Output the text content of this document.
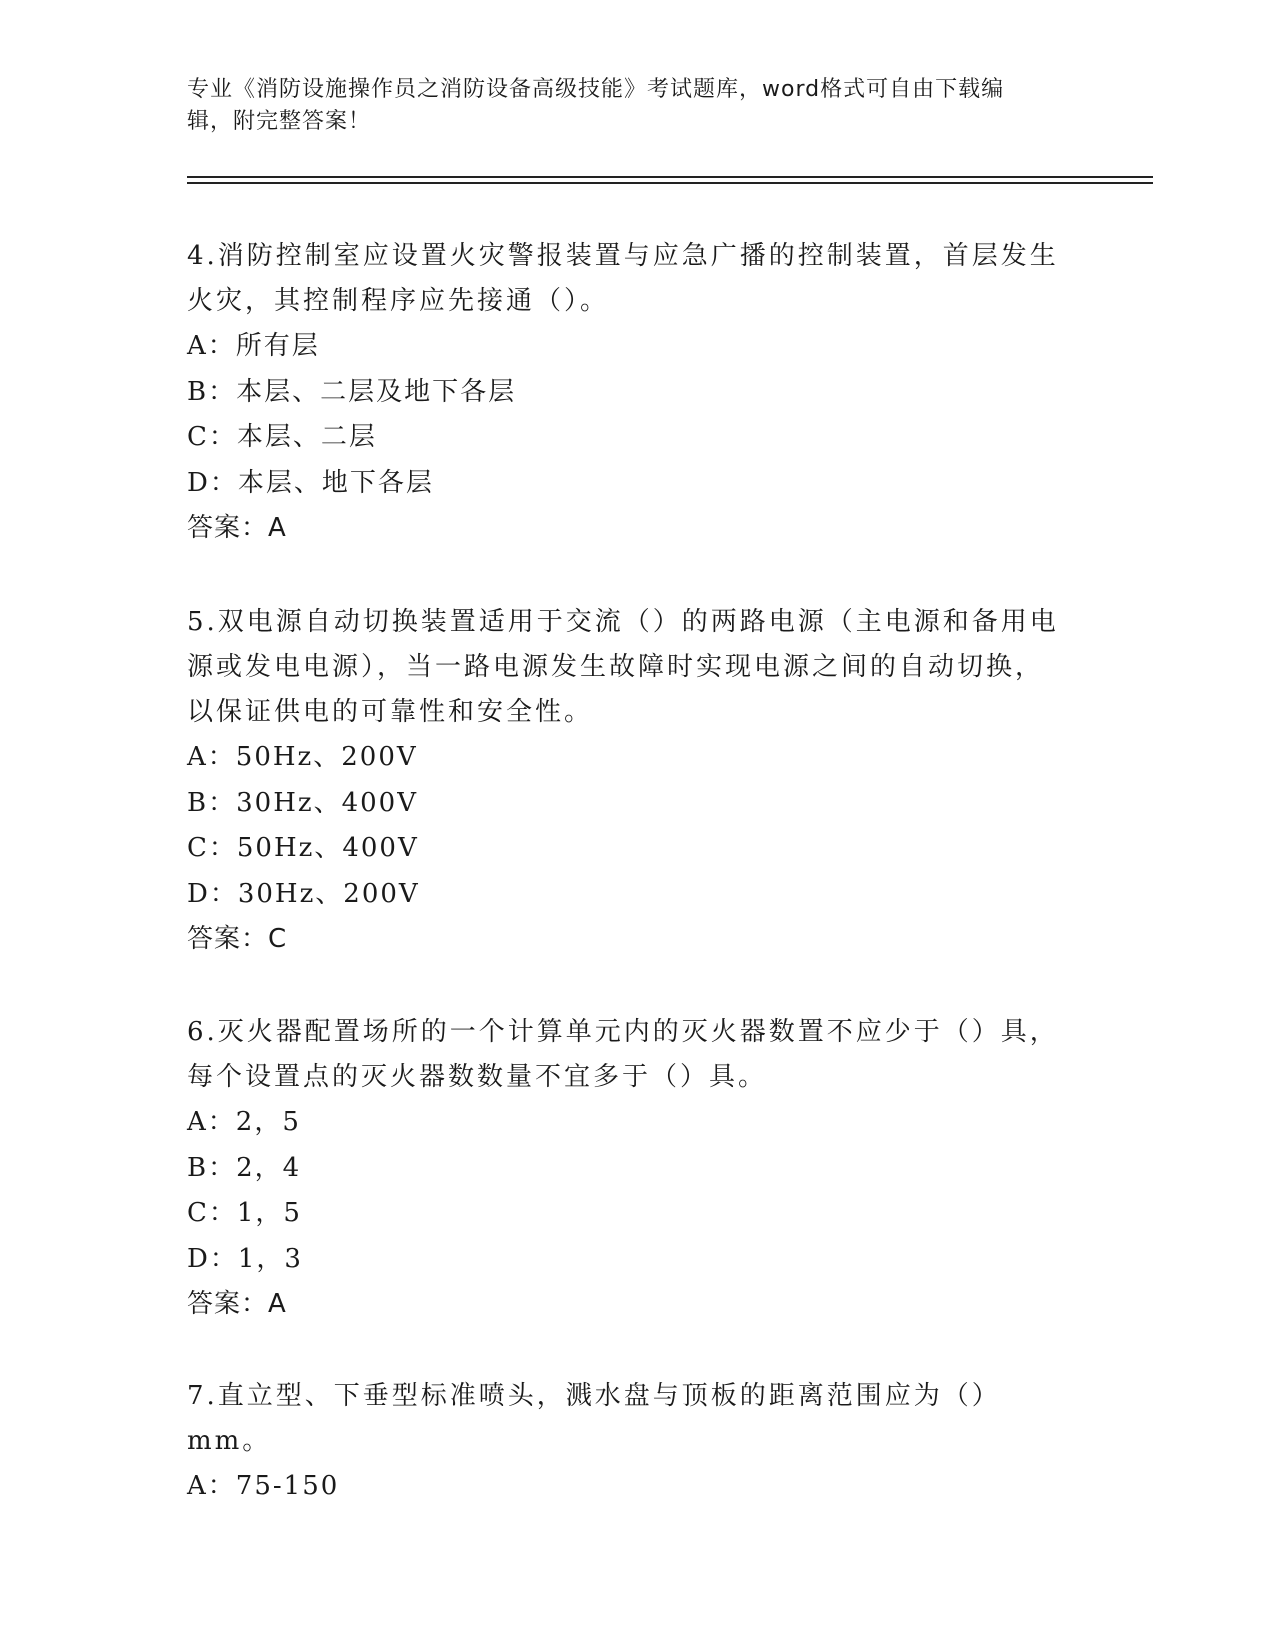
专业《消防设施操作员之消防设备高级技能》考试题库，word格式可自由下载编
辑，附完整答案！
4.消防控制室应设置火灾警报装置与应急广播的控制装置，首层发生
火灾，其控制程序应先接通（）。
A：所有层
B：本层、二层及地下各层
C：本层、二层
D：本层、地下各层
答案：A
5.双电源自动切换装置适用于交流（）的两路电源（主电源和备用电
源或发电电源），当一路电源发生故障时实现电源之间的自动切换，
以保证供电的可靠性和安全性。
A：50Hz、200V
B：30Hz、400V
C：50Hz、400V
D：30Hz、200V
答案：C
6.灭火器配置场所的一个计算单元内的灭火器数置不应少于（）具，
每个设置点的灭火器数数量不宜多于（）具。
A：2，5
B：2，4
C：1，5
D：1，3
答案：A
7.直立型、下垂型标准喷头，溅水盘与顶板的距离范围应为（）mm。
A：75-150
